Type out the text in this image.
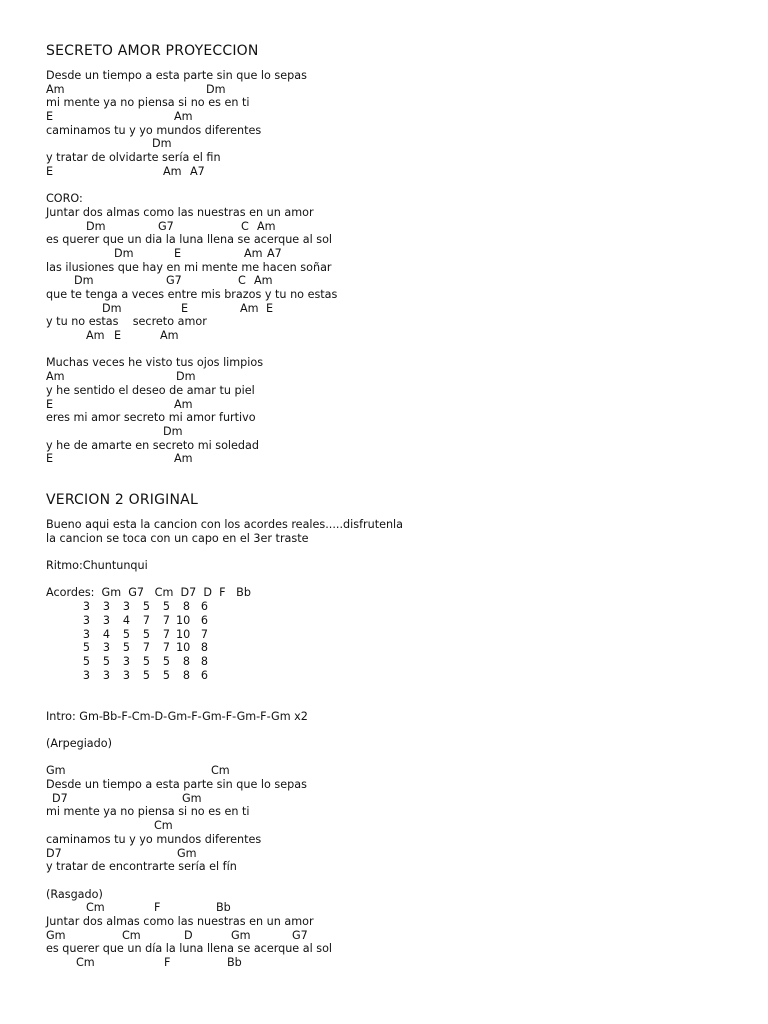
SECRETO AMOR PROYECCION
Desde un tiempo a esta parte sin que lo sepas
Am	Dm
mi mente ya no piensa si no es en ti
E	Am
caminamos tu y yo mundos diferentes
Dm
y tratar de olvidarte sería el fin
E	Am A7
CORO:
Juntar dos almas como las nuestras en un amor
Dm	G7	C Am
es querer que un dia la luna llena se acerque al sol
Dm	E	Am A7
las ilusiones que hay en mi mente me hacen soñar
Dm	G7	C Am
que te tenga a veces entre mis brazos y tu no estas
Dm	E	Am E
y tu no estas    secreto amor
Am E	Am
Muchas veces he visto tus ojos limpios
Am	Dm
y he sentido el deseo de amar tu piel
E	Am
eres mi amor secreto mi amor furtivo
Dm
y he de amarte en secreto mi soledad
E	Am
VERCION 2 ORIGINAL
Bueno aqui esta la cancion con los acordes reales.....disfrutenla
la cancion se toca con un capo en el 3er traste
Ritmo:Chuntunqui
Acordes:  Gm  G7   Cm  D7  D  F   Bb
3	3	3	5	5	8 6
3	3	4	7	7 10 6
3	4	5	5	7 10 7
5	3	5	7	7 10 8
5	5	3	5	5	8 8
3	3	3	5	5	8 6
Intro: Gm-Bb-F-Cm-D-Gm-F-Gm-F-Gm-F-Gm x2
(Arpegiado)
Gm	Cm
Desde un tiempo a esta parte sin que lo sepas
D7	Gm
mi mente ya no piensa si no es en ti
Cm
caminamos tu y yo mundos diferentes
D7	Gm
y tratar de encontrarte sería el fín
(Rasgado)
Cm	F	Bb
Juntar dos almas como las nuestras en un amor
Gm	Cm	D	Gm	G7
es querer que un día la luna llena se acerque al sol
Cm	F	Bb
